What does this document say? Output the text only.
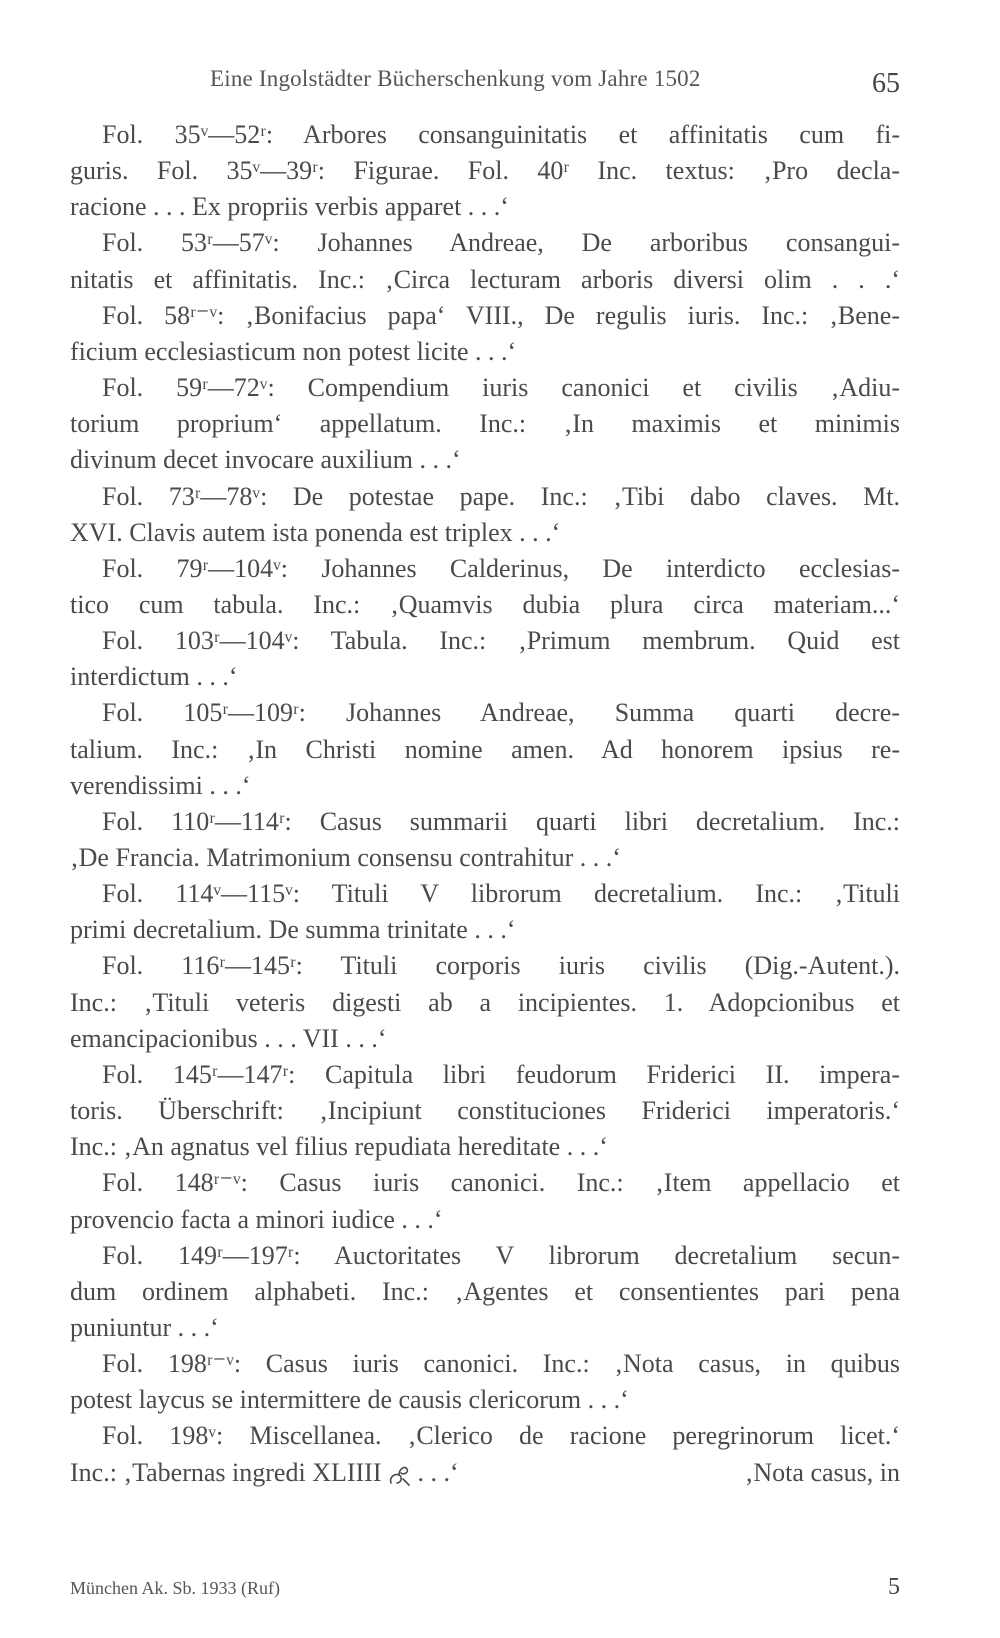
Eine Ingolstädter Bücherschenkung vom Jahre 1502	65
Fol. 35ᵛ—52ʳ: Arbores consanguinitatis et affinitatis cum fi-
guris. Fol. 35ᵛ—39ʳ: Figurae. Fol. 40ʳ Inc. textus: ‚Pro decla-
racione . . . Ex propriis verbis apparet . . .‘
Fol. 53ʳ—57ᵛ: Johannes Andreae, De arboribus consangui-
nitatis et affinitatis. Inc.: ‚Circa lecturam arboris diversi olim . . .‘
Fol. 58ʳ⁻ᵛ: ‚Bonifacius papa‘ VIII., De regulis iuris. Inc.: ‚Bene-
ficium ecclesiasticum non potest licite . . .‘
Fol. 59ʳ—72ᵛ: Compendium iuris canonici et civilis ‚Adiu-
torium proprium‘ appellatum. Inc.: ‚In maximis et minimis
divinum decet invocare auxilium . . .‘
Fol. 73ʳ—78ᵛ: De potestae pape. Inc.: ‚Tibi dabo claves. Mt.
XVI. Clavis autem ista ponenda est triplex . . .‘
Fol. 79ʳ—104ᵛ: Johannes Calderinus, De interdicto ecclesias-
tico cum tabula. Inc.: ‚Quamvis dubia plura circa materiam...‘
Fol. 103ʳ—104ᵛ: Tabula. Inc.: ‚Primum membrum. Quid est
interdictum . . .‘
Fol. 105ʳ—109ʳ: Johannes Andreae, Summa quarti decre-
talium. Inc.: ‚In Christi nomine amen. Ad honorem ipsius re-
verendissimi . . .‘
Fol. 110ʳ—114ʳ: Casus summarii quarti libri decretalium. Inc.:
‚De Francia. Matrimonium consensu contrahitur . . .‘
Fol. 114ᵛ—115ᵛ: Tituli V librorum decretalium. Inc.: ‚Tituli
primi decretalium. De summa trinitate . . .‘
Fol. 116ʳ—145ʳ: Tituli corporis iuris civilis (Dig.-Autent.).
Inc.: ‚Tituli veteris digesti ab a incipientes. 1. Adopcionibus et
emancipacionibus . . . VII . . .‘
Fol. 145ʳ—147ʳ: Capitula libri feudorum Friderici II. impera-
toris. Überschrift: ‚Incipiunt constituciones Friderici imperatoris.‘
Inc.: ‚An agnatus vel filius repudiata hereditate . . .‘
Fol. 148ʳ⁻ᵛ: Casus iuris canonici. Inc.: ‚Item appellacio et
provencio facta a minori iudice . . .‘
Fol. 149ʳ—197ʳ: Auctoritates V librorum decretalium secun-
dum ordinem alphabeti. Inc.: ‚Agentes et consentientes pari pena
puniuntur . . .‘
Fol. 198ʳ⁻ᵛ: Casus iuris canonici. Inc.: ‚Nota casus, in quibus
potest laycus se intermittere de causis clericorum . . .‘
Fol. 198ᵛ: Miscellanea. ‚Clerico de racione peregrinorum licet.‘
Inc.: ‚Tabernas ingredi XLIIII . . .‘	‚Nota casus, in
München Ak. Sb. 1933 (Ruf)	5
